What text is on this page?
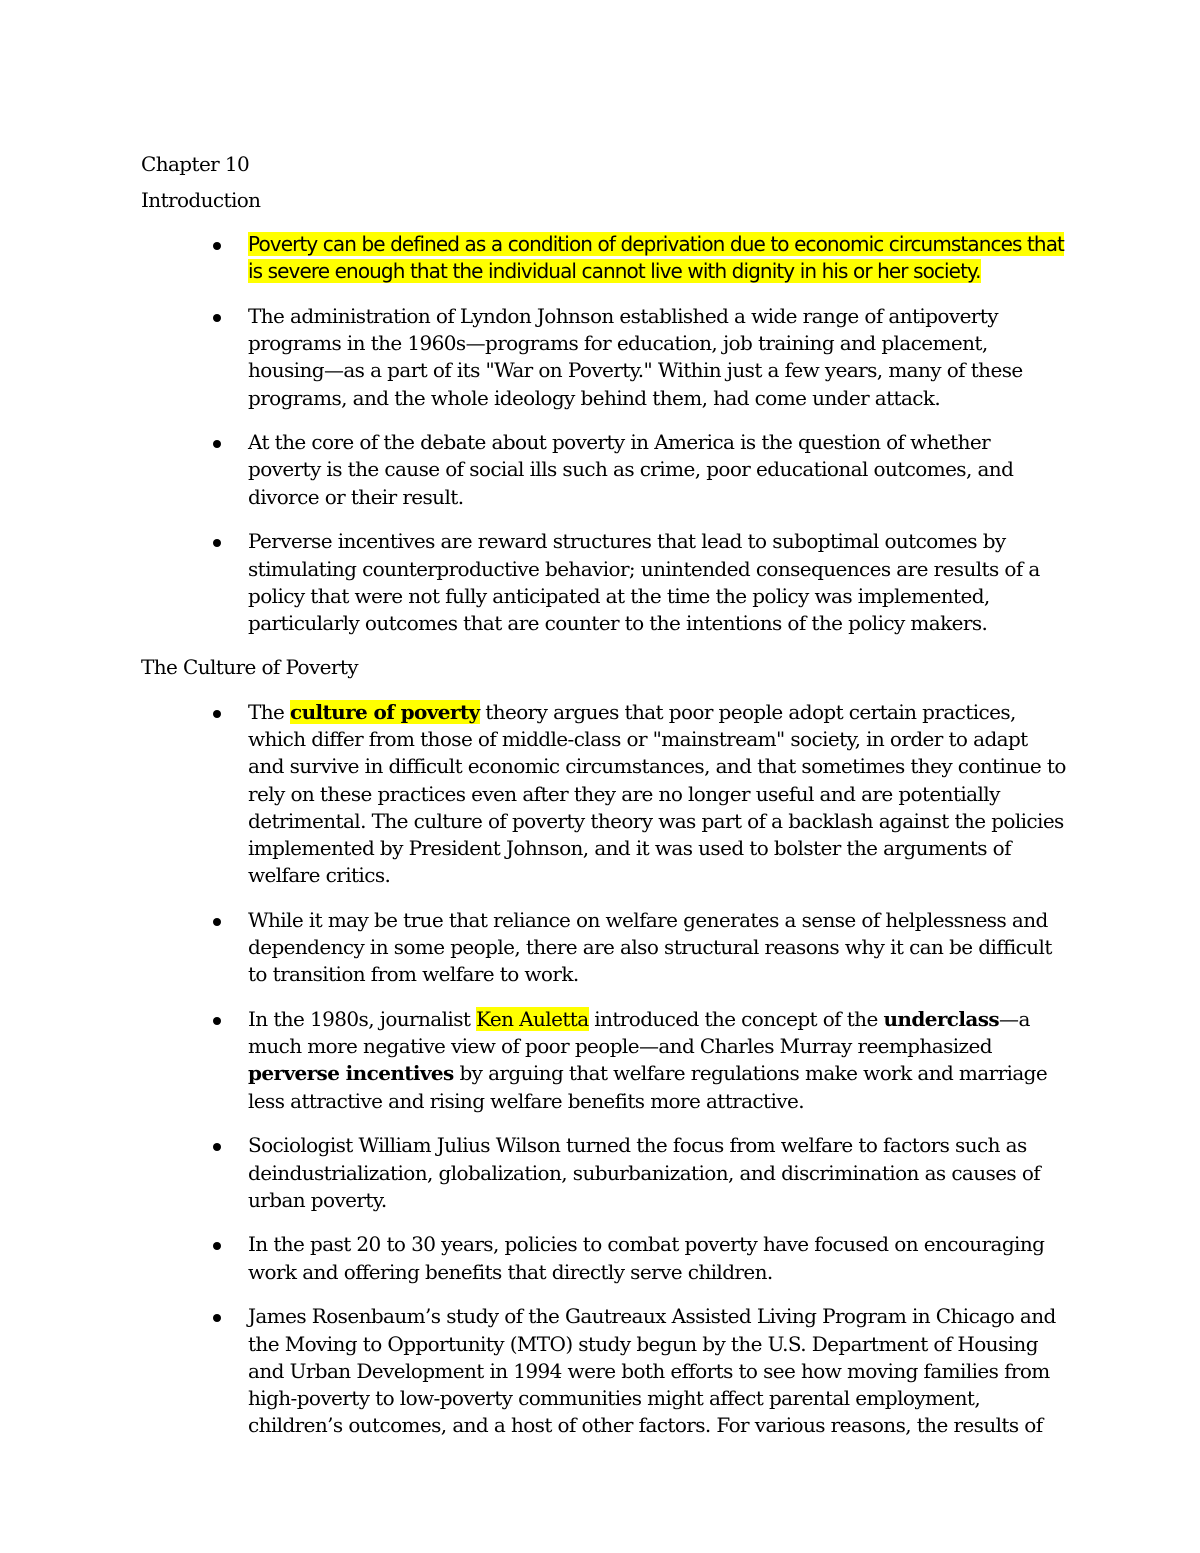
Chapter 10
Introduction
Poverty can be defined as a condition of deprivation due to economic circumstances that is severe enough that the individual cannot live with dignity in his or her society.
The administration of Lyndon Johnson established a wide range of antipoverty programs in the 1960s—programs for education, job training and placement, housing—as a part of its "War on Poverty." Within just a few years, many of these programs, and the whole ideology behind them, had come under attack.
At the core of the debate about poverty in America is the question of whether poverty is the cause of social ills such as crime, poor educational outcomes, and divorce or their result.
Perverse incentives are reward structures that lead to suboptimal outcomes by stimulating counterproductive behavior; unintended consequences are results of a policy that were not fully anticipated at the time the policy was implemented, particularly outcomes that are counter to the intentions of the policy makers.
The Culture of Poverty
The culture of poverty theory argues that poor people adopt certain practices, which differ from those of middle-class or "mainstream" society, in order to adapt and survive in difficult economic circumstances, and that sometimes they continue to rely on these practices even after they are no longer useful and are potentially detrimental. The culture of poverty theory was part of a backlash against the policies implemented by President Johnson, and it was used to bolster the arguments of welfare critics.
While it may be true that reliance on welfare generates a sense of helplessness and dependency in some people, there are also structural reasons why it can be difficult to transition from welfare to work.
In the 1980s, journalist Ken Auletta introduced the concept of the underclass—a much more negative view of poor people—and Charles Murray reemphasized perverse incentives by arguing that welfare regulations make work and marriage less attractive and rising welfare benefits more attractive.
Sociologist William Julius Wilson turned the focus from welfare to factors such as deindustrialization, globalization, suburbanization, and discrimination as causes of urban poverty.
In the past 20 to 30 years, policies to combat poverty have focused on encouraging work and offering benefits that directly serve children.
James Rosenbaum’s study of the Gautreaux Assisted Living Program in Chicago and the Moving to Opportunity (MTO) study begun by the U.S. Department of Housing and Urban Development in 1994 were both efforts to see how moving families from high-poverty to low-poverty communities might affect parental employment, children’s outcomes, and a host of other factors. For various reasons, the results of
